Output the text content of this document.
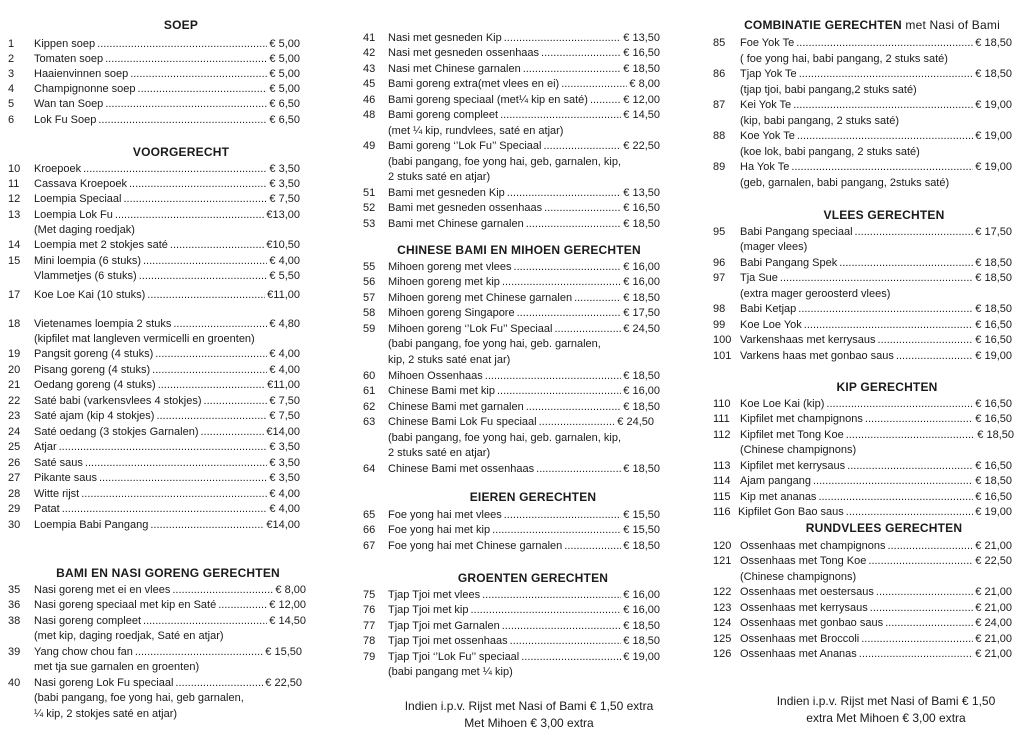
SOEP
1 Kippen soep .....	€ 5,00
2 Tomaten soep .....	€ 5,00
3 Haaienvinnen soep .....	€ 5,00
4 Champignonne soep .....	€ 5,00
5 Wan tan Soep .....	€ 6,50
6 Lok Fu Soep .....	€ 6,50
VOORGERECHT
10 Kroepoek .....	€ 3,50
11 Cassava Kroepoek .....	€ 3,50
12 Loempia Speciaal .....	€ 7,50
13 Loempia Lok Fu .....	€13,00
(Met daging roedjak)
14 Loempia met 2 stokjes saté .....	€10,50
15 Mini loempia (6 stuks) .....	€ 4,00
Vlammetjes (6 stuks) .....	€ 5,50
17 Koe Loe Kai (10 stuks) .....	€11,00
18 Vietenames loempia 2 stuks .....	€ 4,80
(kipfilet mat langleven vermicelli en groenten)
19 Pangsit goreng (4 stuks) .....	€ 4,00
20 Pisang goreng (4 stuks) .....	€ 4,00
21 Oedang goreng (4 stuks) .....	€11,00
22 Saté babi (varkensvlees 4 stokjes) .....	€ 7,50
23 Saté ajam (kip 4 stokjes) .....	€ 7,50
24 Saté oedang (3 stokjes Garnalen) .....	€14,00
25 Atjar .....	€ 3,50
26 Saté saus .....	€ 3,50
27 Pikante saus .....	€ 3,50
28 Witte rijst .....	€ 4,00
29 Patat .....	€ 4,00
30 Loempia Babi Pangang .....	€14,00
BAMI EN NASI GORENG GERECHTEN
35 Nasi goreng met ei en vlees .....	€ 8,00
36 Nasi goreng speciaal met kip en Saté .....	€ 12,00
38 Nasi goreng compleet .....	€ 14,50
(met kip, daging roedjak, Saté en atjar)
39 Yang chow chou fan .....	€ 15,50
met tja sue garnalen en groenten)
40 Nasi goreng Lok Fu speciaal .....	€ 22,50
(babi pangang, foe yong hai, geb garnalen,
¼ kip, 2 stokjes saté en atjar)
41 Nasi met gesneden Kip .....	€ 13,50
42 Nasi met gesneden ossenhaas .....	€ 16,50
43 Nasi met Chinese garnalen .....	€ 18,50
45 Bami goreng extra(met vlees en ei) .....	€ 8,00
46 Bami goreng speciaal (met¼ kip en saté) .....	€ 12,00
48 Bami goreng compleet .....	€ 14,50
(met ¼ kip, rundvlees, saté en atjar)
49 Bami goreng ‘’Lok Fu’’ Speciaal .....	€ 22,50
(babi pangang, foe yong hai, geb, garnalen, kip,
2 stuks saté en atjar)
51 Bami met gesneden Kip .....	€ 13,50
52 Bami met gesneden ossenhaas .....	€ 16,50
53 Bami met Chinese garnalen .....	€ 18,50
CHINESE BAMI EN MIHOEN GERECHTEN
55 Mihoen goreng met vlees .....	€ 16,00
56 Mihoen goreng met kip .....	€ 16,00
57 Mihoen goreng met Chinese garnalen .....	€ 18,50
58 Mihoen goreng Singapore .....	€ 17,50
59 Mihoen goreng ‘’Lok Fu’’ Speciaal .....	€ 24,50
(babi pangang, foe yong hai, geb. garnalen,
kip, 2 stuks saté enat jar)
60 Mihoen Ossenhaas .....	€ 18,50
61 Chinese Bami met kip .....	€ 16,00
62 Chinese Bami met garnalen .....	€ 18,50
63 Chinese Bami Lok Fu speciaal .....	€ 24,50
(babi pangang, foe yong hai, geb. garnalen, kip,
2 stuks saté en atjar)
64 Chinese Bami met ossenhaas .....	€ 18,50
EIEREN GERECHTEN
65 Foe yong hai met vlees .....	€ 15,50
66 Foe yong hai met kip .....	€ 15,50
67 Foe yong hai met Chinese garnalen .....	€ 18,50
GROENTEN GERECHTEN
75 Tjap Tjoi met vlees .....	€ 16,00
76 Tjap Tjoi met kip .....	€ 16,00
77 Tjap Tjoi met Garnalen .....	€ 18,50
78 Tjap Tjoi met ossenhaas .....	€ 18,50
79 Tjap Tjoi ‘’Lok Fu’’ speciaal .....	€ 19,00
(babi pangang met ¼ kip)
Indien i.p.v. Rijst met Nasi of Bami € 1,50 extra
Met Mihoen € 3,00 extra
COMBINATIE GERECHTEN met Nasi of Bami
85 Foe Yok Te .....	€ 18,50
( foe yong hai, babi pangang, 2 stuks saté)
86 Tjap Yok Te .....	€ 18,50
(tjap tjoi, babi pangang,2 stuks saté)
87 Kei Yok Te .....	€ 19,00
(kip, babi pangang, 2 stuks saté)
88 Koe Yok Te .....	€ 19,00
(koe lok, babi pangang, 2 stuks saté)
89 Ha Yok Te .....	€ 19,00
(geb, garnalen, babi pangang, 2stuks saté)
VLEES GERECHTEN
95 Babi Pangang speciaal .....	€ 17,50
(mager vlees)
96 Babi Pangang Spek .....	€ 18,50
97 Tja Sue .....	€ 18,50
(extra mager geroosterd vlees)
98 Babi Ketjap .....	€ 18,50
99 Koe Loe Yok .....	€ 16,50
100 Varkenshaas met kerrysaus .....	€ 16,50
101 Varkens haas met gonbao saus .....	€ 19,00
KIP GERECHTEN
110 Koe Loe Kai (kip) .....	€ 16,50
111 Kipfilet met champignons .....	€ 16,50
112 Kipfilet met Tong Koe .....	€ 18,50
(Chinese champignons)
113 Kipfilet met kerrysaus .....	€ 16,50
114 Ajam pangang .....	€ 18,50
115 Kip met ananas .....	€ 16,50
116 Kipfilet Gon Bao saus .....	€ 19,00
RUNDVLEES GERECHTEN
120 Ossenhaas met champignons .....	€ 21,00
121 Ossenhaas met Tong Koe .....	€ 22,50
(Chinese champignons)
122 Ossenhaas met oestersaus .....	€ 21,00
123 Ossenhaas met kerrysaus .....	€ 21,00
124 Ossenhaas met gonbao saus .....	€ 24,00
125 Ossenhaas met Broccoli .....	€ 21,00
126 Ossenhaas met Ananas .....	€ 21,00
Indien i.p.v. Rijst met Nasi of Bami € 1,50
extra Met Mihoen € 3,00 extra
